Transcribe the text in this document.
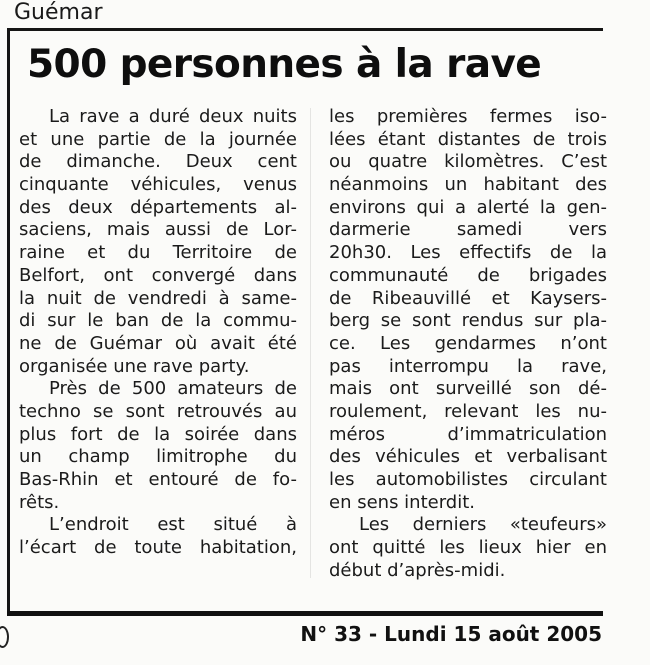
Guémar
500 personnes à la rave
La rave a duré deux nuits
et une partie de la journée
de dimanche. Deux cent
cinquante véhicules, venus
des deux départements al-
saciens, mais aussi de Lor-
raine et du Territoire de
Belfort, ont convergé dans
la nuit de vendredi à same-
di sur le ban de la commu-
ne de Guémar où avait été
organisée une rave party.
Près de 500 amateurs de
techno se sont retrouvés au
plus fort de la soirée dans
un champ limitrophe du
Bas-Rhin et entouré de fo-
rêts.
L’endroit est situé à
l’écart de toute habitation,
les premières fermes iso-
lées étant distantes de trois
ou quatre kilomètres. C’est
néanmoins un habitant des
environs qui a alerté la gen-
darmerie samedi vers
20h30. Les effectifs de la
communauté de brigades
de Ribeauvillé et Kaysers-
berg se sont rendus sur pla-
ce. Les gendarmes n’ont
pas interrompu la rave,
mais ont surveillé son dé-
roulement, relevant les nu-
méros d’immatriculation
des véhicules et verbalisant
les automobilistes circulant
en sens interdit.
Les derniers «teufeurs»
ont quitté les lieux hier en
début d’après-midi.
N° 33 - Lundi 15 août 2005
